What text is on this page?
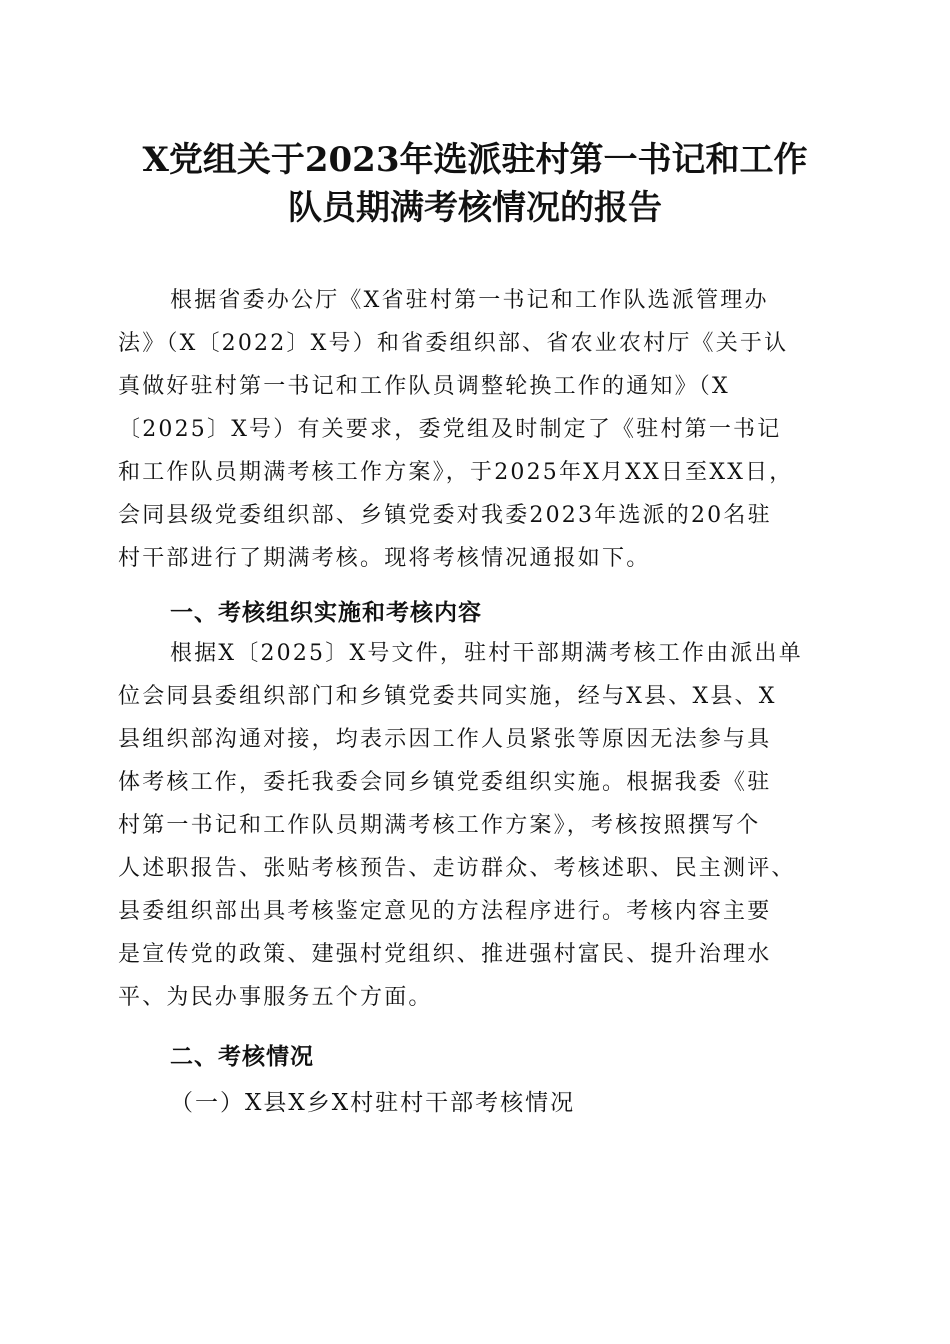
X党组关于2023年选派驻村第一书记和工作
队员期满考核情况的报告
根据省委办公厅《X省驻村第一书记和工作队选派管理办
法》（X〔2022〕X号）和省委组织部、省农业农村厅《关于认
真做好驻村第一书记和工作队员调整轮换工作的通知》（X
〔2025〕X号）有关要求，委党组及时制定了《驻村第一书记
和工作队员期满考核工作方案》，于2025年X月XX日至XX日，
会同县级党委组织部、乡镇党委对我委2023年选派的20名驻
村干部进行了期满考核。现将考核情况通报如下。
一、考核组织实施和考核内容
根据X〔2025〕X号文件，驻村干部期满考核工作由派出单
位会同县委组织部门和乡镇党委共同实施，经与X县、X县、X
县组织部沟通对接，均表示因工作人员紧张等原因无法参与具
体考核工作，委托我委会同乡镇党委组织实施。根据我委《驻
村第一书记和工作队员期满考核工作方案》，考核按照撰写个
人述职报告、张贴考核预告、走访群众、考核述职、民主测评、
县委组织部出具考核鉴定意见的方法程序进行。考核内容主要
是宣传党的政策、建强村党组织、推进强村富民、提升治理水
平、为民办事服务五个方面。
二、考核情况
（一）X县X乡X村驻村干部考核情况
